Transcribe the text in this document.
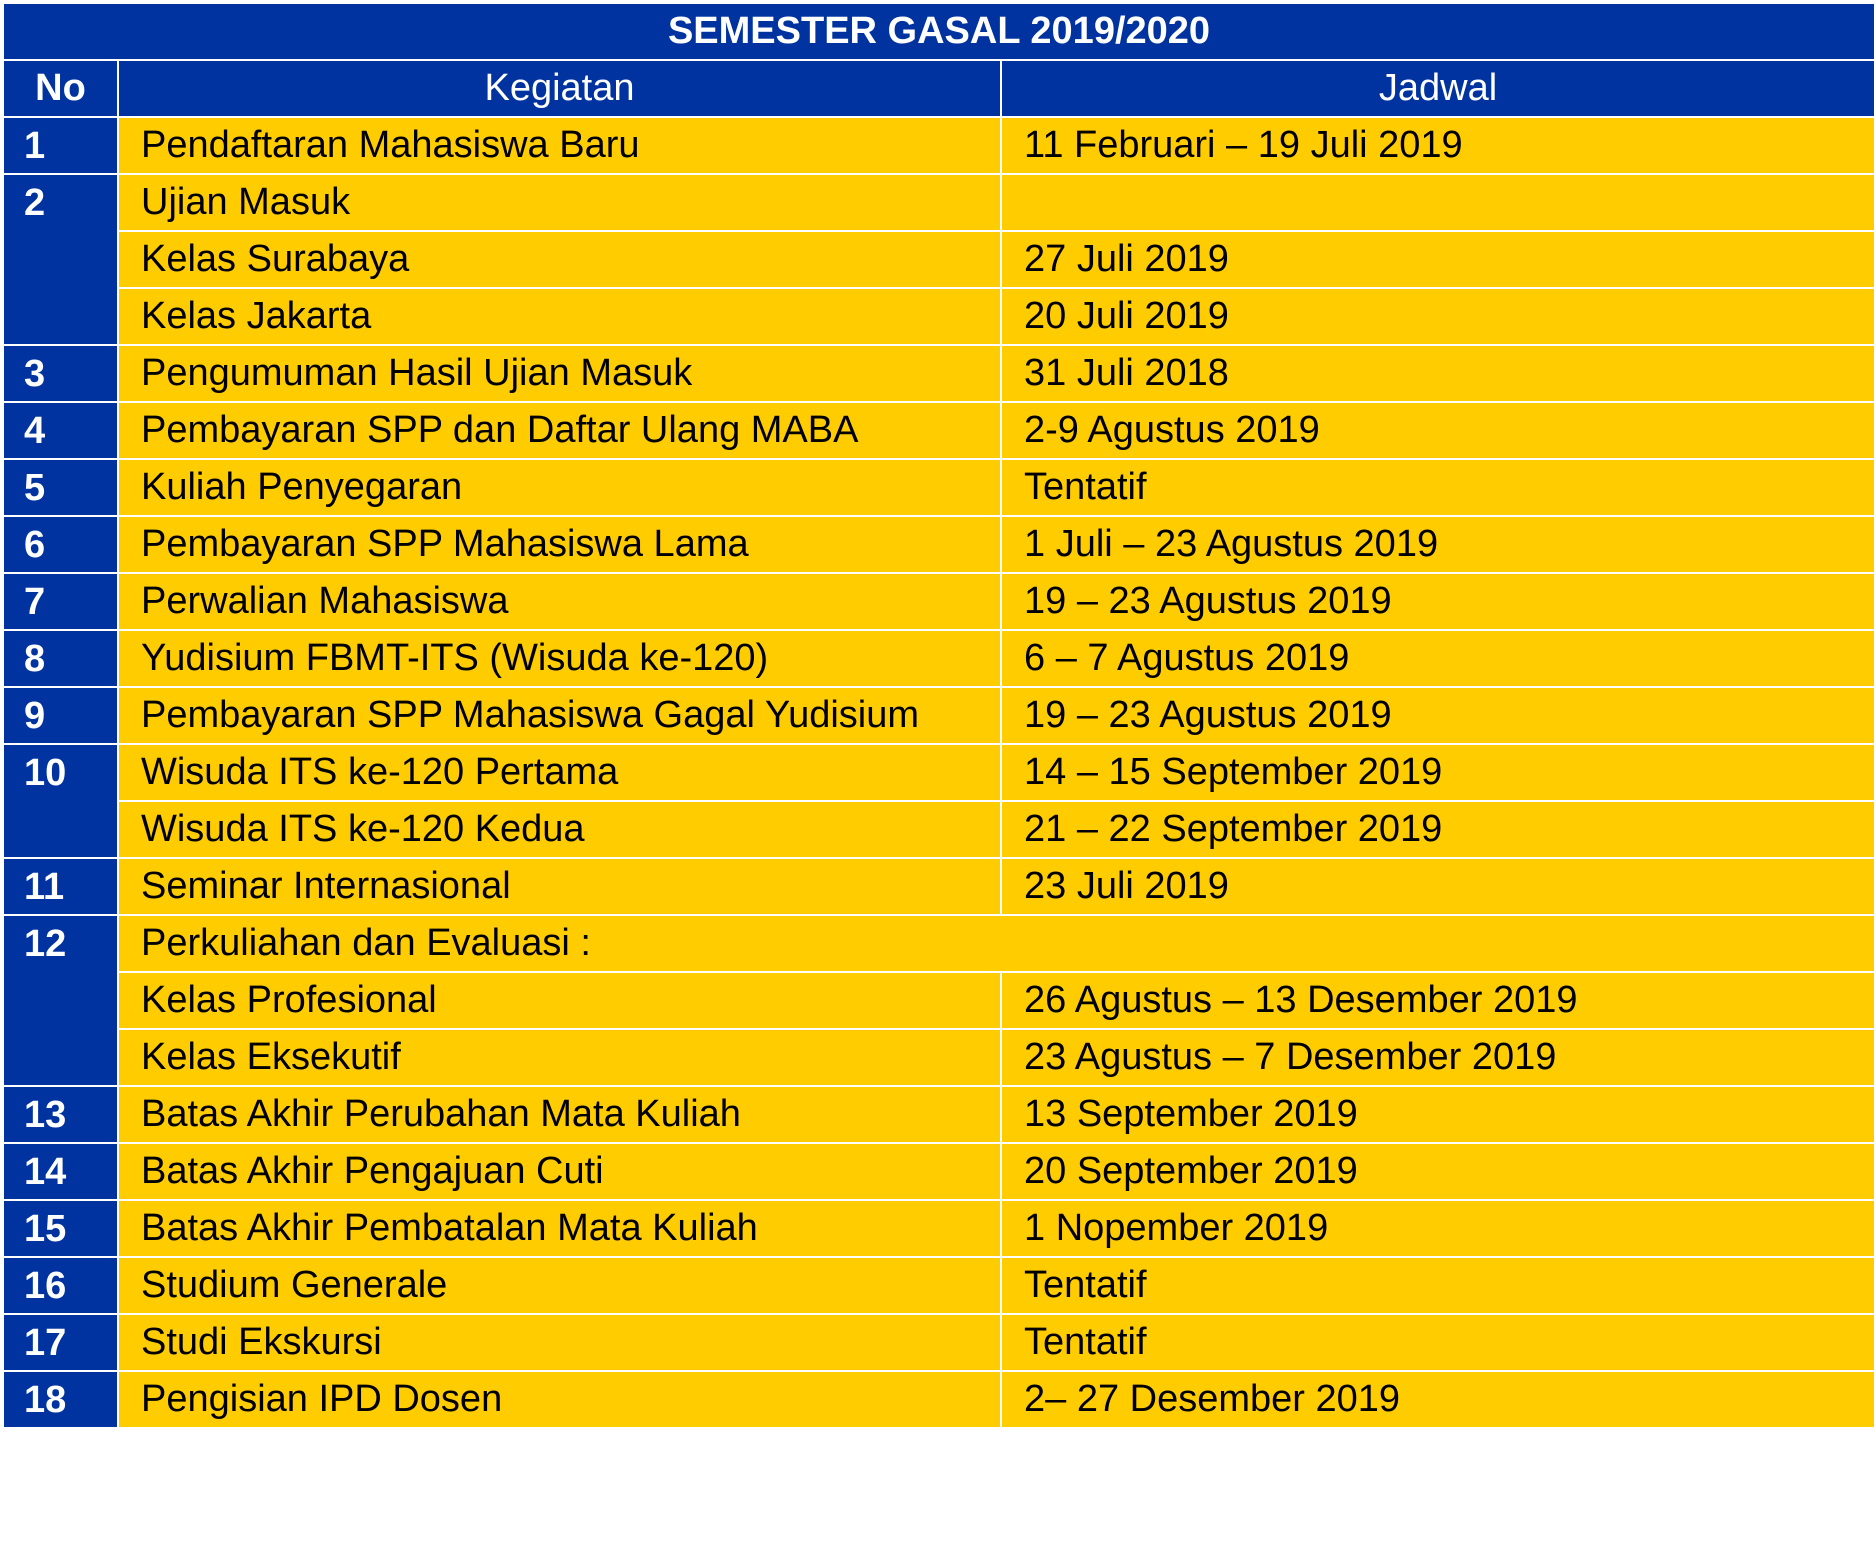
SEMESTER GASAL 2019/2020		
No	Kegiatan	Jadwal
1	Pendaftaran Mahasiswa Baru	11 Februari – 19 Juli 2019
2	Ujian Masuk	
	Kelas Surabaya	27 Juli 2019
	Kelas Jakarta	20 Juli 2019
3	Pengumuman Hasil Ujian Masuk	31 Juli 2018
4	Pembayaran SPP dan Daftar Ulang MABA	2-9 Agustus 2019
5	Kuliah Penyegaran	Tentatif
6	Pembayaran SPP Mahasiswa Lama	1 Juli – 23 Agustus 2019
7	Perwalian Mahasiswa	19 – 23 Agustus 2019
8	Yudisium FBMT-ITS (Wisuda ke-120)	6 – 7 Agustus 2019
9	Pembayaran SPP Mahasiswa Gagal Yudisium	19 – 23 Agustus 2019
10	Wisuda ITS ke-120 Pertama	14 – 15 September 2019
	Wisuda ITS ke-120 Kedua	21 – 22 September 2019
11	Seminar Internasional	23 Juli 2019
12	Perkuliahan dan Evaluasi :	
	Kelas Profesional	26 Agustus – 13 Desember 2019
	Kelas Eksekutif	23 Agustus – 7 Desember 2019
13	Batas Akhir Perubahan Mata Kuliah	13 September 2019
14	Batas Akhir Pengajuan Cuti	20 September 2019
15	Batas Akhir Pembatalan Mata Kuliah	1 Nopember 2019
16	Studium Generale	Tentatif
17	Studi Ekskursi	Tentatif
18	Pengisian IPD Dosen	2– 27 Desember 2019
